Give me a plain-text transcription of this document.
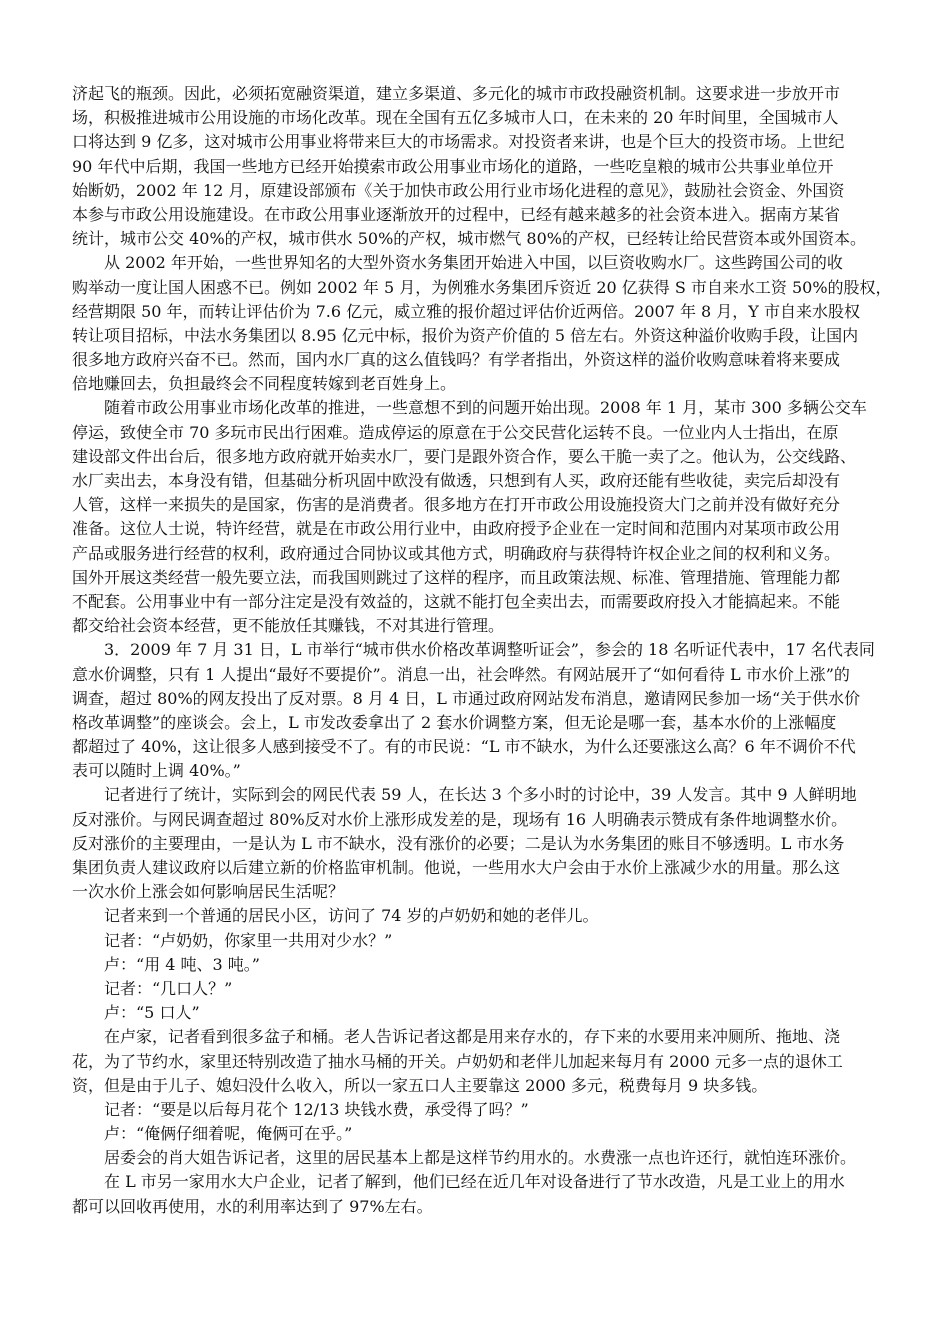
济起飞的瓶颈。因此，必须拓宽融资渠道，建立多渠道、多元化的城市市政投融资机制。这要求进一步放开市
场，积极推进城市公用设施的市场化改革。现在全国有五亿多城市人口，在未来的 20 年时间里，全国城市人
口将达到 9 亿多，这对城市公用事业将带来巨大的市场需求。对投资者来讲，也是个巨大的投资市场。上世纪
90 年代中后期，我国一些地方已经开始摸索市政公用事业市场化的道路，一些吃皇粮的城市公共事业单位开
始断奶，2002 年 12 月，原建设部颁布《关于加快市政公用行业市场化进程的意见》，鼓励社会资金、外国资
本参与市政公用设施建设。在市政公用事业逐渐放开的过程中，已经有越来越多的社会资本进入。据南方某省
统计，城市公交 40%的产权，城市供水 50%的产权，城市燃气 80%的产权，已经转让给民营资本或外国资本。
从 2002 年开始，一些世界知名的大型外资水务集团开始进入中国，以巨资收购水厂。这些跨国公司的收
购举动一度让国人困惑不已。例如 2002 年 5 月，为例雅水务集团斥资近 20 亿获得 S 市自来水工资 50%的股权，
经营期限 50 年，而转让评估价为 7.6 亿元，威立雅的报价超过评估价近两倍。2007 年 8 月，Y 市自来水股权
转让项目招标，中法水务集团以 8.95 亿元中标，报价为资产价值的 5 倍左右。外资这种溢价收购手段，让国内
很多地方政府兴奋不已。然而，国内水厂真的这么值钱吗？有学者指出，外资这样的溢价收购意味着将来要成
倍地赚回去，负担最终会不同程度转嫁到老百姓身上。
随着市政公用事业市场化改革的推进，一些意想不到的问题开始出现。2008 年 1 月，某市 300 多辆公交车
停运，致使全市 70 多玩市民出行困难。造成停运的原意在于公交民营化运转不良。一位业内人士指出，在原
建设部文件出台后，很多地方政府就开始卖水厂，要门是跟外资合作，要么干脆一卖了之。他认为，公交线路、
水厂卖出去，本身没有错，但基础分析巩固中欧没有做透，只想到有人买，政府还能有些收徒，卖完后却没有
人管，这样一来损失的是国家，伤害的是消费者。很多地方在打开市政公用设施投资大门之前并没有做好充分
准备。这位人士说，特许经营，就是在市政公用行业中，由政府授予企业在一定时间和范围内对某项市政公用
产品或服务进行经营的权利，政府通过合同协议或其他方式，明确政府与获得特许权企业之间的权利和义务。
国外开展这类经营一般先要立法，而我国则跳过了这样的程序，而且政策法规、标准、管理措施、管理能力都
不配套。公用事业中有一部分注定是没有效益的，这就不能打包全卖出去，而需要政府投入才能搞起来。不能
都交给社会资本经营，更不能放任其赚钱，不对其进行管理。
3．2009 年 7 月 31 日，L 市举行“城市供水价格改革调整听证会”，参会的 18 名听证代表中，17 名代表同
意水价调整，只有 1 人提出“最好不要提价”。消息一出，社会哗然。有网站展开了“如何看待 L 市水价上涨”的
调查，超过 80%的网友投出了反对票。8 月 4 日，L 市通过政府网站发布消息，邀请网民参加一场“关于供水价
格改革调整”的座谈会。会上，L 市发改委拿出了 2 套水价调整方案，但无论是哪一套，基本水价的上涨幅度
都超过了 40%，这让很多人感到接受不了。有的市民说：“L 市不缺水，为什么还要涨这么高？6 年不调价不代
表可以随时上调 40%。”
记者进行了统计，实际到会的网民代表 59 人，在长达 3 个多小时的讨论中，39 人发言。其中 9 人鲜明地
反对涨价。与网民调查超过 80%反对水价上涨形成发差的是，现场有 16 人明确表示赞成有条件地调整水价。
反对涨价的主要理由，一是认为 L 市不缺水，没有涨价的必要；二是认为水务集团的账目不够透明。L 市水务
集团负责人建议政府以后建立新的价格监审机制。他说，一些用水大户会由于水价上涨减少水的用量。那么这
一次水价上涨会如何影响居民生活呢？
记者来到一个普通的居民小区，访问了 74 岁的卢奶奶和她的老伴儿。
记者：“卢奶奶，你家里一共用对少水？”
卢：“用 4 吨、3 吨。”
记者：“几口人？”
卢：“5 口人”
在卢家，记者看到很多盆子和桶。老人告诉记者这都是用来存水的，存下来的水要用来冲厕所、拖地、浇
花，为了节约水，家里还特别改造了抽水马桶的开关。卢奶奶和老伴儿加起来每月有 2000 元多一点的退休工
资，但是由于儿子、媳妇没什么收入，所以一家五口人主要靠这 2000 多元，税费每月 9 块多钱。
记者：“要是以后每月花个 12/13 块钱水费，承受得了吗？”
卢：“俺俩仔细着呢，俺俩可在乎。”
居委会的肖大姐告诉记者，这里的居民基本上都是这样节约用水的。水费涨一点也许还行，就怕连环涨价。
在 L 市另一家用水大户企业，记者了解到，他们已经在近几年对设备进行了节水改造，凡是工业上的用水
都可以回收再使用，水的利用率达到了 97%左右。
